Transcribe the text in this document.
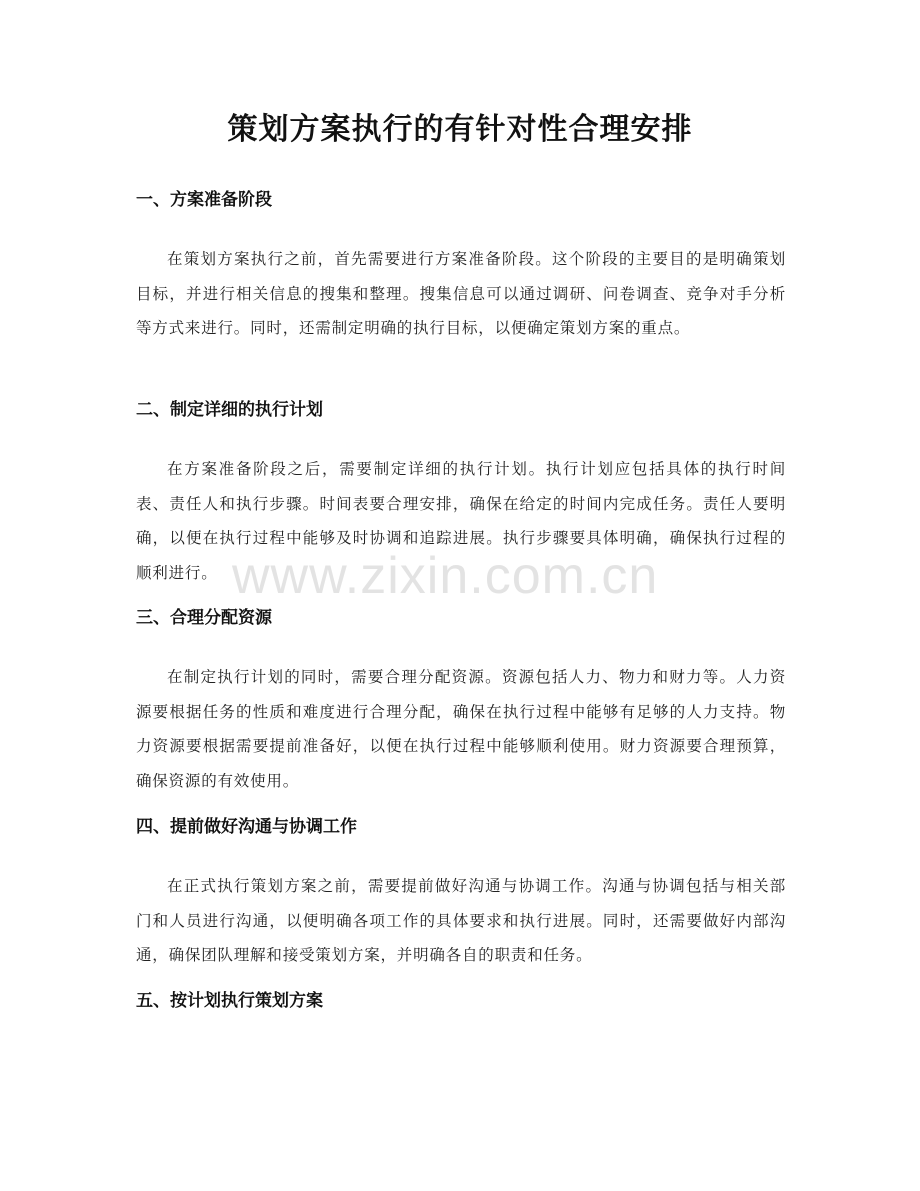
策划方案执行的有针对性合理安排
一、方案准备阶段

在策划方案执行之前，首先需要进行方案准备阶段。这个阶段的主要目的是明确策划目标，并进行相关信息的搜集和整理。搜集信息可以通过调研、问卷调查、竞争对手分析等方式来进行。同时，还需制定明确的执行目标，以便确定策划方案的重点。

二、制定详细的执行计划

在方案准备阶段之后，需要制定详细的执行计划。执行计划应包括具体的执行时间表、责任人和执行步骤。时间表要合理安排，确保在给定的时间内完成任务。责任人要明确，以便在执行过程中能够及时协调和追踪进展。执行步骤要具体明确，确保执行过程的顺利进行。

三、合理分配资源

在制定执行计划的同时，需要合理分配资源。资源包括人力、物力和财力等。人力资源要根据任务的性质和难度进行合理分配，确保在执行过程中能够有足够的人力支持。物力资源要根据需要提前准备好，以便在执行过程中能够顺利使用。财力资源要合理预算，确保资源的有效使用。

四、提前做好沟通与协调工作

在正式执行策划方案之前，需要提前做好沟通与协调工作。沟通与协调包括与相关部门和人员进行沟通，以便明确各项工作的具体要求和执行进展。同时，还需要做好内部沟通，确保团队理解和接受策划方案，并明确各自的职责和任务。

五、按计划执行策划方案
www.zixin.com.cn
